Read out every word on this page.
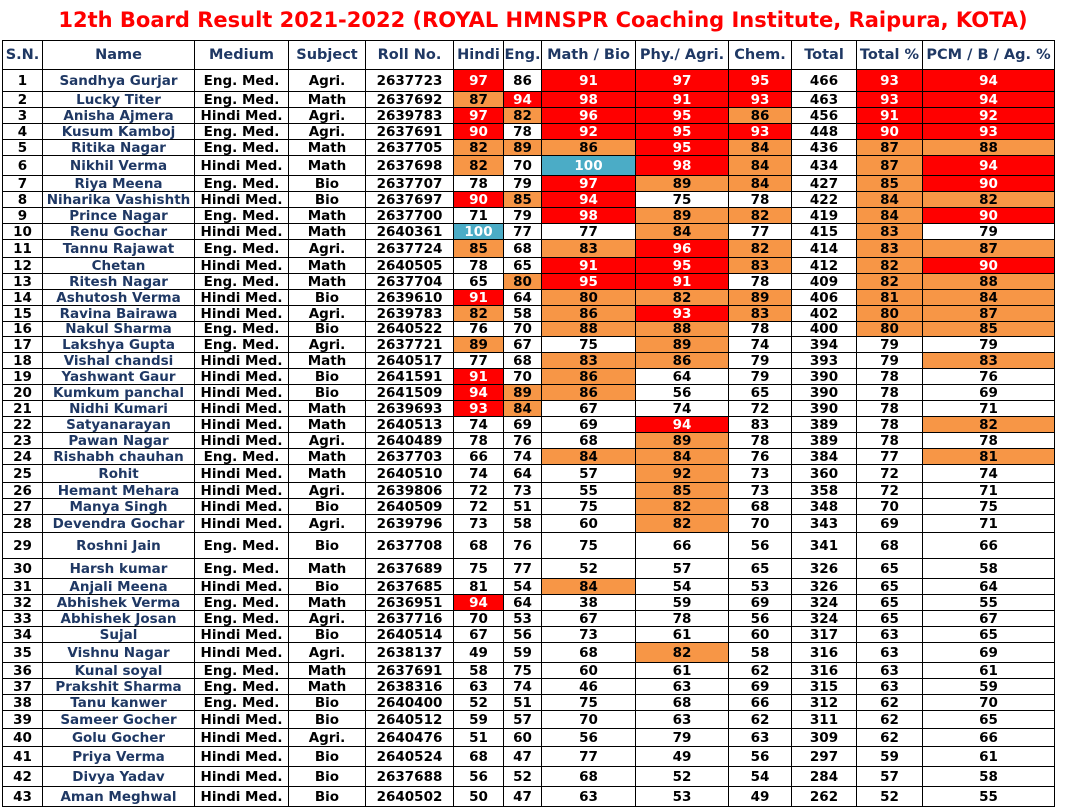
12th Board Result 2021-2022 (ROYAL HMNSPR Coaching Institute, Raipura, KOTA)
S.N.	Name	Medium	Subject	Roll No.	Hindi	Eng.	Math / Bio	Phy./ Agri.	Chem.	Total	Total %	PCM / B / Ag. %
1	Sandhya Gurjar	Eng. Med.	Agri.	2637723	97	86	91	97	95	466	93	94
2	Lucky Titer	Eng. Med.	Math	2637692	87	94	98	91	93	463	93	94
3	Anisha Ajmera	Hindi Med.	Agri.	2639783	97	82	96	95	86	456	91	92
4	Kusum Kamboj	Eng. Med.	Agri.	2637691	90	78	92	95	93	448	90	93
5	Ritika Nagar	Eng. Med.	Math	2637705	82	89	86	95	84	436	87	88
6	Nikhil Verma	Hindi Med.	Math	2637698	82	70	100	98	84	434	87	94
7	Riya Meena	Eng. Med.	Bio	2637707	78	79	97	89	84	427	85	90
8	Niharika Vashishth	Hindi Med.	Bio	2637697	90	85	94	75	78	422	84	82
9	Prince Nagar	Eng. Med.	Math	2637700	71	79	98	89	82	419	84	90
10	Renu Gochar	Hindi Med.	Math	2640361	100	77	77	84	77	415	83	79
11	Tannu Rajawat	Eng. Med.	Agri.	2637724	85	68	83	96	82	414	83	87
12	Chetan	Hindi Med.	Math	2640505	78	65	91	95	83	412	82	90
13	Ritesh Nagar	Eng. Med.	Math	2637704	65	80	95	91	78	409	82	88
14	Ashutosh Verma	Hindi Med.	Bio	2639610	91	64	80	82	89	406	81	84
15	Ravina Bairawa	Hindi Med.	Agri.	2639783	82	58	86	93	83	402	80	87
16	Nakul Sharma	Eng. Med.	Bio	2640522	76	70	88	88	78	400	80	85
17	Lakshya Gupta	Eng. Med.	Agri.	2637721	89	67	75	89	74	394	79	79
18	Vishal chandsi	Hindi Med.	Math	2640517	77	68	83	86	79	393	79	83
19	Yashwant Gaur	Hindi Med.	Bio	2641591	91	70	86	64	79	390	78	76
20	Kumkum panchal	Hindi Med.	Bio	2641509	94	89	86	56	65	390	78	69
21	Nidhi Kumari	Hindi Med.	Math	2639693	93	84	67	74	72	390	78	71
22	Satyanarayan	Hindi Med.	Math	2640513	74	69	69	94	83	389	78	82
23	Pawan Nagar	Hindi Med.	Agri.	2640489	78	76	68	89	78	389	78	78
24	Rishabh chauhan	Eng. Med.	Math	2637703	66	74	84	84	76	384	77	81
25	Rohit	Hindi Med.	Math	2640510	74	64	57	92	73	360	72	74
26	Hemant Mehara	Hindi Med.	Agri.	2639806	72	73	55	85	73	358	72	71
27	Manya Singh	Hindi Med.	Bio	2640509	72	51	75	82	68	348	70	75
28	Devendra Gochar	Hindi Med.	Agri.	2639796	73	58	60	82	70	343	69	71
29	Roshni Jain	Eng. Med.	Bio	2637708	68	76	75	66	56	341	68	66
30	Harsh kumar	Eng. Med.	Math	2637689	75	77	52	57	65	326	65	58
31	Anjali Meena	Hindi Med.	Bio	2637685	81	54	84	54	53	326	65	64
32	Abhishek Verma	Eng. Med.	Math	2636951	94	64	38	59	69	324	65	55
33	Abhishek Josan	Eng. Med.	Agri.	2637716	70	53	67	78	56	324	65	67
34	Sujal	Hindi Med.	Bio	2640514	67	56	73	61	60	317	63	65
35	Vishnu Nagar	Hindi Med.	Agri.	2638137	49	59	68	82	58	316	63	69
36	Kunal soyal	Eng. Med.	Math	2637691	58	75	60	61	62	316	63	61
37	Prakshit Sharma	Eng. Med.	Math	2638316	63	74	46	63	69	315	63	59
38	Tanu kanwer	Eng. Med.	Bio	2640400	52	51	75	68	66	312	62	70
39	Sameer Gocher	Hindi Med.	Bio	2640512	59	57	70	63	62	311	62	65
40	Golu Gocher	Hindi Med.	Agri.	2640476	51	60	56	79	63	309	62	66
41	Priya Verma	Hindi Med.	Bio	2640524	68	47	77	49	56	297	59	61
42	Divya Yadav	Hindi Med.	Bio	2637688	56	52	68	52	54	284	57	58
43	Aman Meghwal	Hindi Med.	Bio	2640502	50	47	63	53	49	262	52	55
